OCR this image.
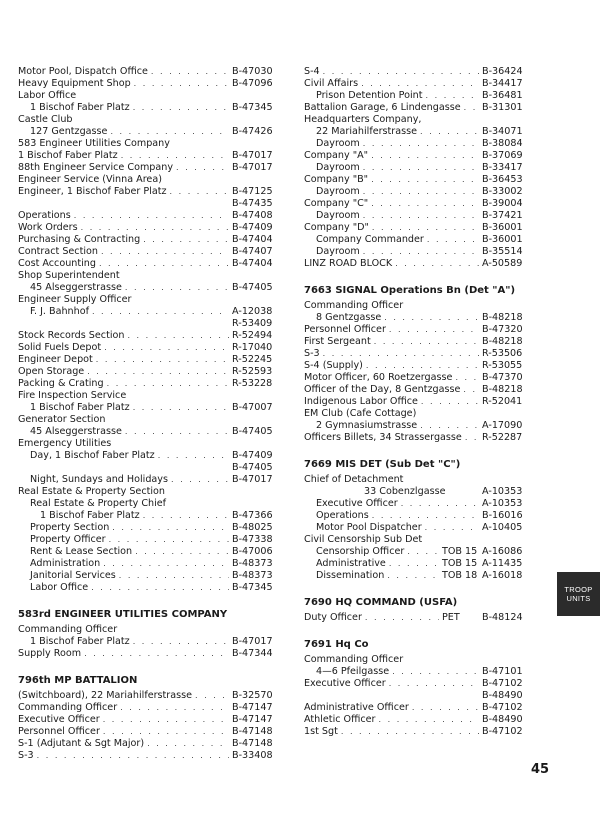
Motor Pool, Dispatch Office . . .	B-47030
Heavy Equipment Shop . . .	B-47096
Labor Office
1 Bischof Faber Platz . . .	B-47345
Castle Club
127 Gentzgasse . . .	B-47426
583 Engineer Utilities Company
1 Bischof Faber Platz . . .	B-47017
88th Engineer Service Company . . .	B-47017
Engineer Service (Vinna Area)
Engineer, 1 Bischof Faber Platz . . .	B-47125
B-47435
Operations . . .	B-47408
Work Orders . . .	B-47409
Purchasing & Contracting . . .	B-47404
Contract Section . . .	B-47407
Cost Accounting . . .	B-47404
Shop Superintendent
45 Alseggerstrasse . . .	B-47405
Engineer Supply Officer
F. J. Bahnhof . . .	A-12038
R-53409
Stock Records Section . . .	R-52494
Solid Fuels Depot . . .	R-17040
Engineer Depot . . .	R-52245
Open Storage . . .	R-52593
Packing & Crating . . .	R-53228
Fire Inspection Service
1 Bischof Faber Platz . . .	B-47007
Generator Section
45 Alseggerstrasse . . .	B-47405
Emergency Utilities
Day, 1 Bischof Faber Platz . . .	B-47409
B-47405
Night, Sundays and Holidays . . .	B-47017
Real Estate & Property Section
Real Estate & Property Chief
1 Bischof Faber Platz . . .	B-47366
Property Section . . .	B-48025
Property Officer . . .	B-47338
Rent & Lease Section . . .	B-47006
Administration . . .	B-48373
Janitorial Services . . .	B-48373
Labor Office . . .	B-47345
583rd ENGINEER UTILITIES COMPANY
Commanding Officer
1 Bischof Faber Platz . . .	B-47017
Supply Room . . .	B-47344
796th MP BATTALION
(Switchboard), 22 Mariahilferstrasse . . .	B-32570
Commanding Officer . . .	B-47147
Executive Officer . . .	B-47147
Personnel Officer . . .	B-47148
S-1 (Adjutant & Sgt Major) . . .	B-47148
S-3 . . .	B-33408
S-4 . . .	B-36424
Civil Affairs . . .	B-34417
Prison Detention Point . . .	B-36481
Battalion Garage, 6 Lindengasse . . . B-31301
Headquarters Company,
22 Mariahilferstrasse . . .	B-34071
Dayroom . . .	B-38084
Company "A" . . .	B-37069
Dayroom . . .	B-33417
Company "B" . . .	B-36453
Dayroom . . .	B-33002
Company "C" . . .	B-39004
Dayroom . . .	B-37421
Company "D" . . .	B-36001
Company Commander . . .	B-36001
Dayroom . . .	B-35514
LINZ ROAD BLOCK . . .	A-50589
7663 SIGNAL Operations Bn (Det "A")
Commanding Officer
8 Gentzgasse . . .	B-48218
Personnel Officer . . .	B-47320
First Sergeant . . .	B-48218
S-3 . . .	R-53506
S-4 (Supply) . . .	R-53055
Motor Officer, 60 Roetzergasse . . .	B-47370
Officer of the Day, 8 Gentzgasse . . . B-48218
Indigenous Labor Office . . .	R-52041
EM Club (Cafe Cottage)
2 Gymnasiumstrasse . . .	A-17090
Officers Billets, 34 Strassergasse . . . R-52287
7669 MIS DET (Sub Det "C")
Chief of Detachment
33 Cobenzlgasse	A-10353
Executive Officer . . .	A-10353
Operations . . .	B-16016
Motor Pool Dispatcher . . .	A-10405
Civil Censorship Sub Det
Censorship Officer . . .	TOB 15 A-16086
Administrative . . .	TOB 15 A-11435
Dissemination . . .	TOB 18 A-16018
7690 HQ COMMAND (USFA)
Duty Officer . . .	PET	B-48124
7691 Hq Co
Commanding Officer
4—6 Pfeilgasse . . .	B-47101
Executive Officer . . .	B-47102
B-48490
Administrative Officer . . .	B-47102
Athletic Officer . . .	B-48490
1st Sgt . . .	B-47102
TROOP
UNITS
45
